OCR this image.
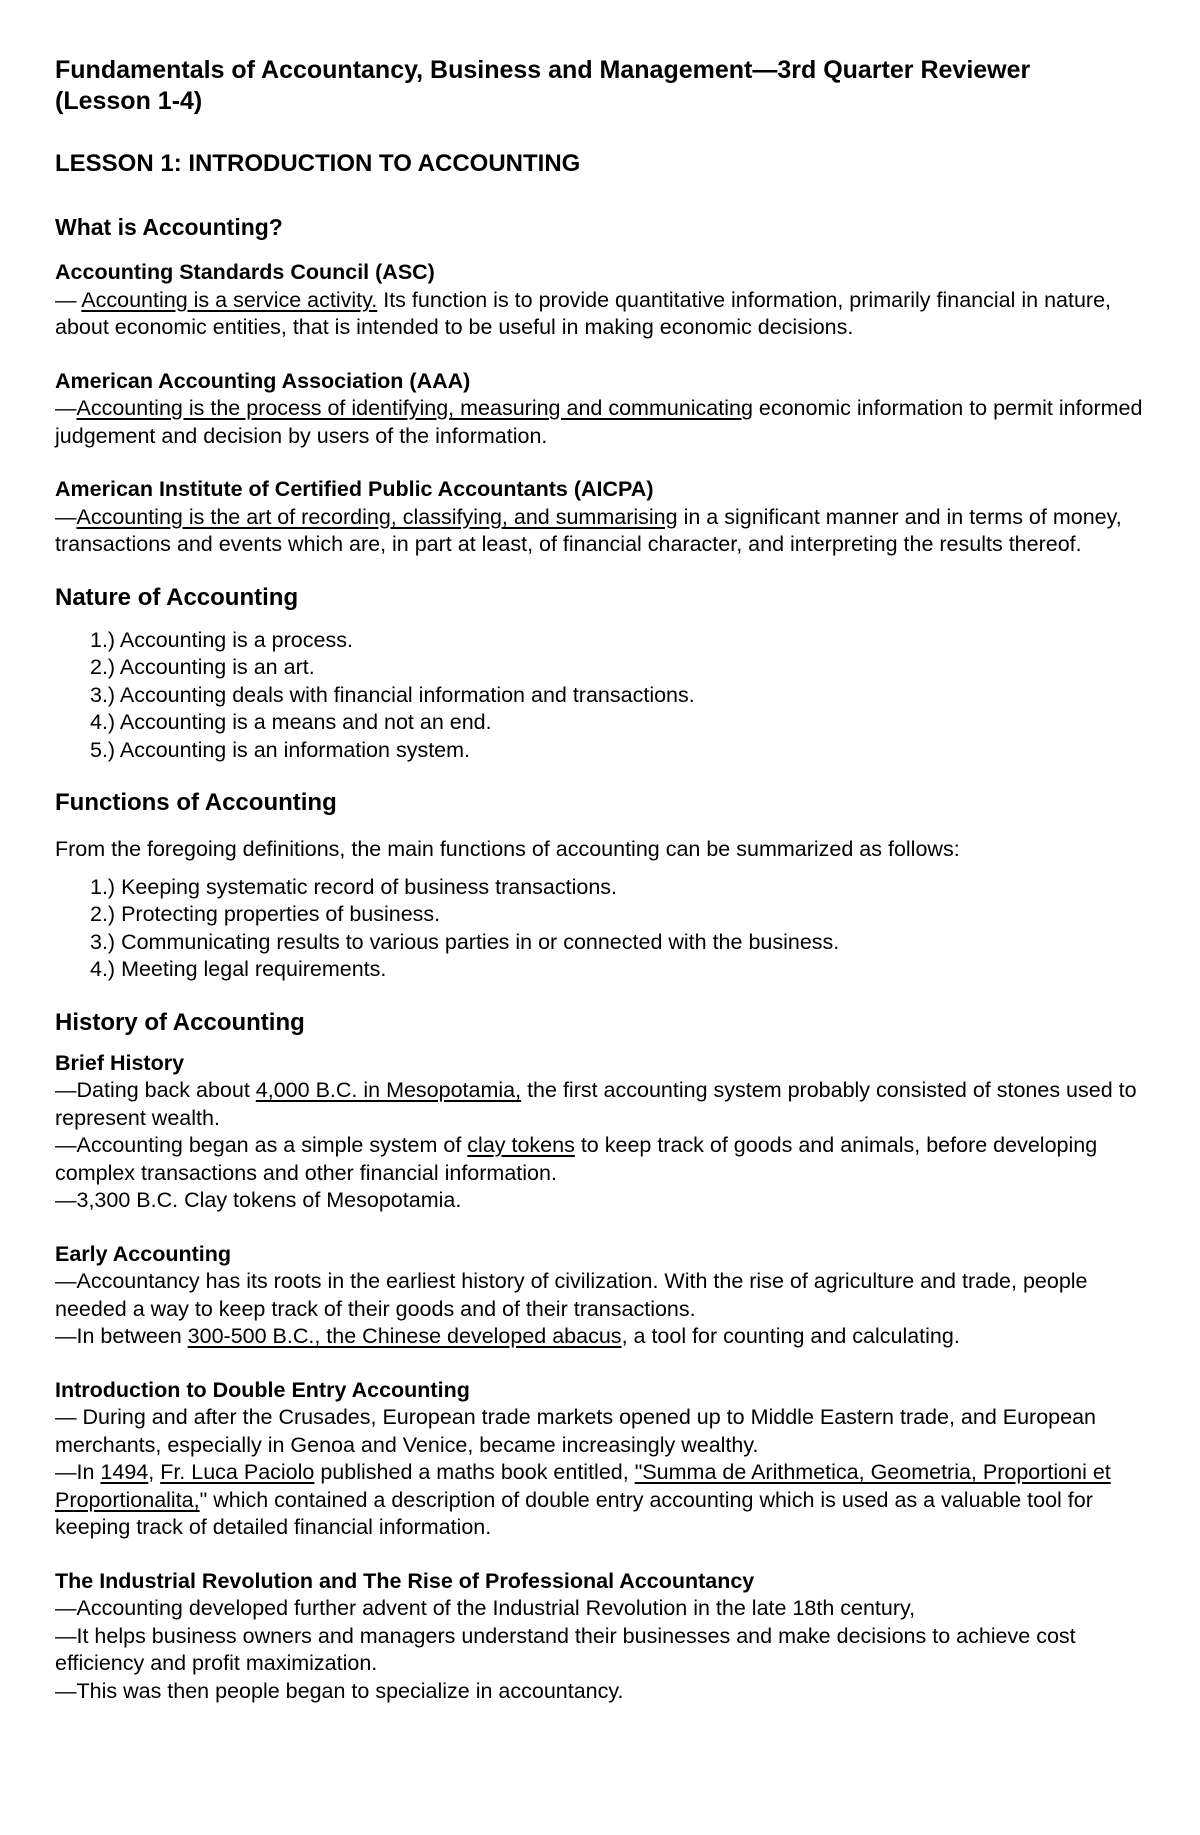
Fundamentals of Accountancy, Business and Management—3rd Quarter Reviewer
(Lesson 1-4)
LESSON 1: INTRODUCTION TO ACCOUNTING
What is Accounting?
Accounting Standards Council (ASC)

— Accounting is a service activity. Its function is to provide quantitative information, primarily financial in nature, about economic entities, that is intended to be useful in making economic decisions.

American Accounting Association (AAA)

—Accounting is the process of identifying, measuring and communicating economic information to permit informed judgement and decision by users of the information.

American Institute of Certified Public Accountants (AICPA)

—Accounting is the art of recording, classifying, and summarising in a significant manner and in terms of money, transactions and events which are, in part at least, of financial character, and interpreting the results thereof.

Nature of Accounting
1.) Accounting is a process.
2.) Accounting is an art.
3.) Accounting deals with financial information and transactions.
4.) Accounting is a means and not an end.
5.) Accounting is an information system.
Functions of Accounting

From the foregoing definitions, the main functions of accounting can be summarized as follows:

1.) Keeping systematic record of business transactions.
2.) Protecting properties of business.
3.) Communicating results to various parties in or connected with the business.
4.) Meeting legal requirements.
History of Accounting
Brief History

—Dating back about 4,000 B.C. in Mesopotamia, the first accounting system probably consisted of stones used to represent wealth.

—Accounting began as a simple system of clay tokens to keep track of goods and animals, before developing complex transactions and other financial information.

—3,300 B.C. Clay tokens of Mesopotamia.

Early Accounting

—Accountancy has its roots in the earliest history of civilization. With the rise of agriculture and trade, people needed a way to keep track of their goods and of their transactions.

—In between 300-500 B.C., the Chinese developed abacus, a tool for counting and calculating.

Introduction to Double Entry Accounting

— During and after the Crusades, European trade markets opened up to Middle Eastern trade, and European merchants, especially in Genoa and Venice, became increasingly wealthy.

—In 1494, Fr. Luca Paciolo published a maths book entitled, "Summa de Arithmetica, Geometria, Proportioni et Proportionalita," which contained a description of double entry accounting which is used as a valuable tool for keeping track of detailed financial information.

The Industrial Revolution and The Rise of Professional Accountancy

—Accounting developed further advent of the Industrial Revolution in the late 18th century,

—It helps business owners and managers understand their businesses and make decisions to achieve cost efficiency and profit maximization.

—This was then people began to specialize in accountancy.
